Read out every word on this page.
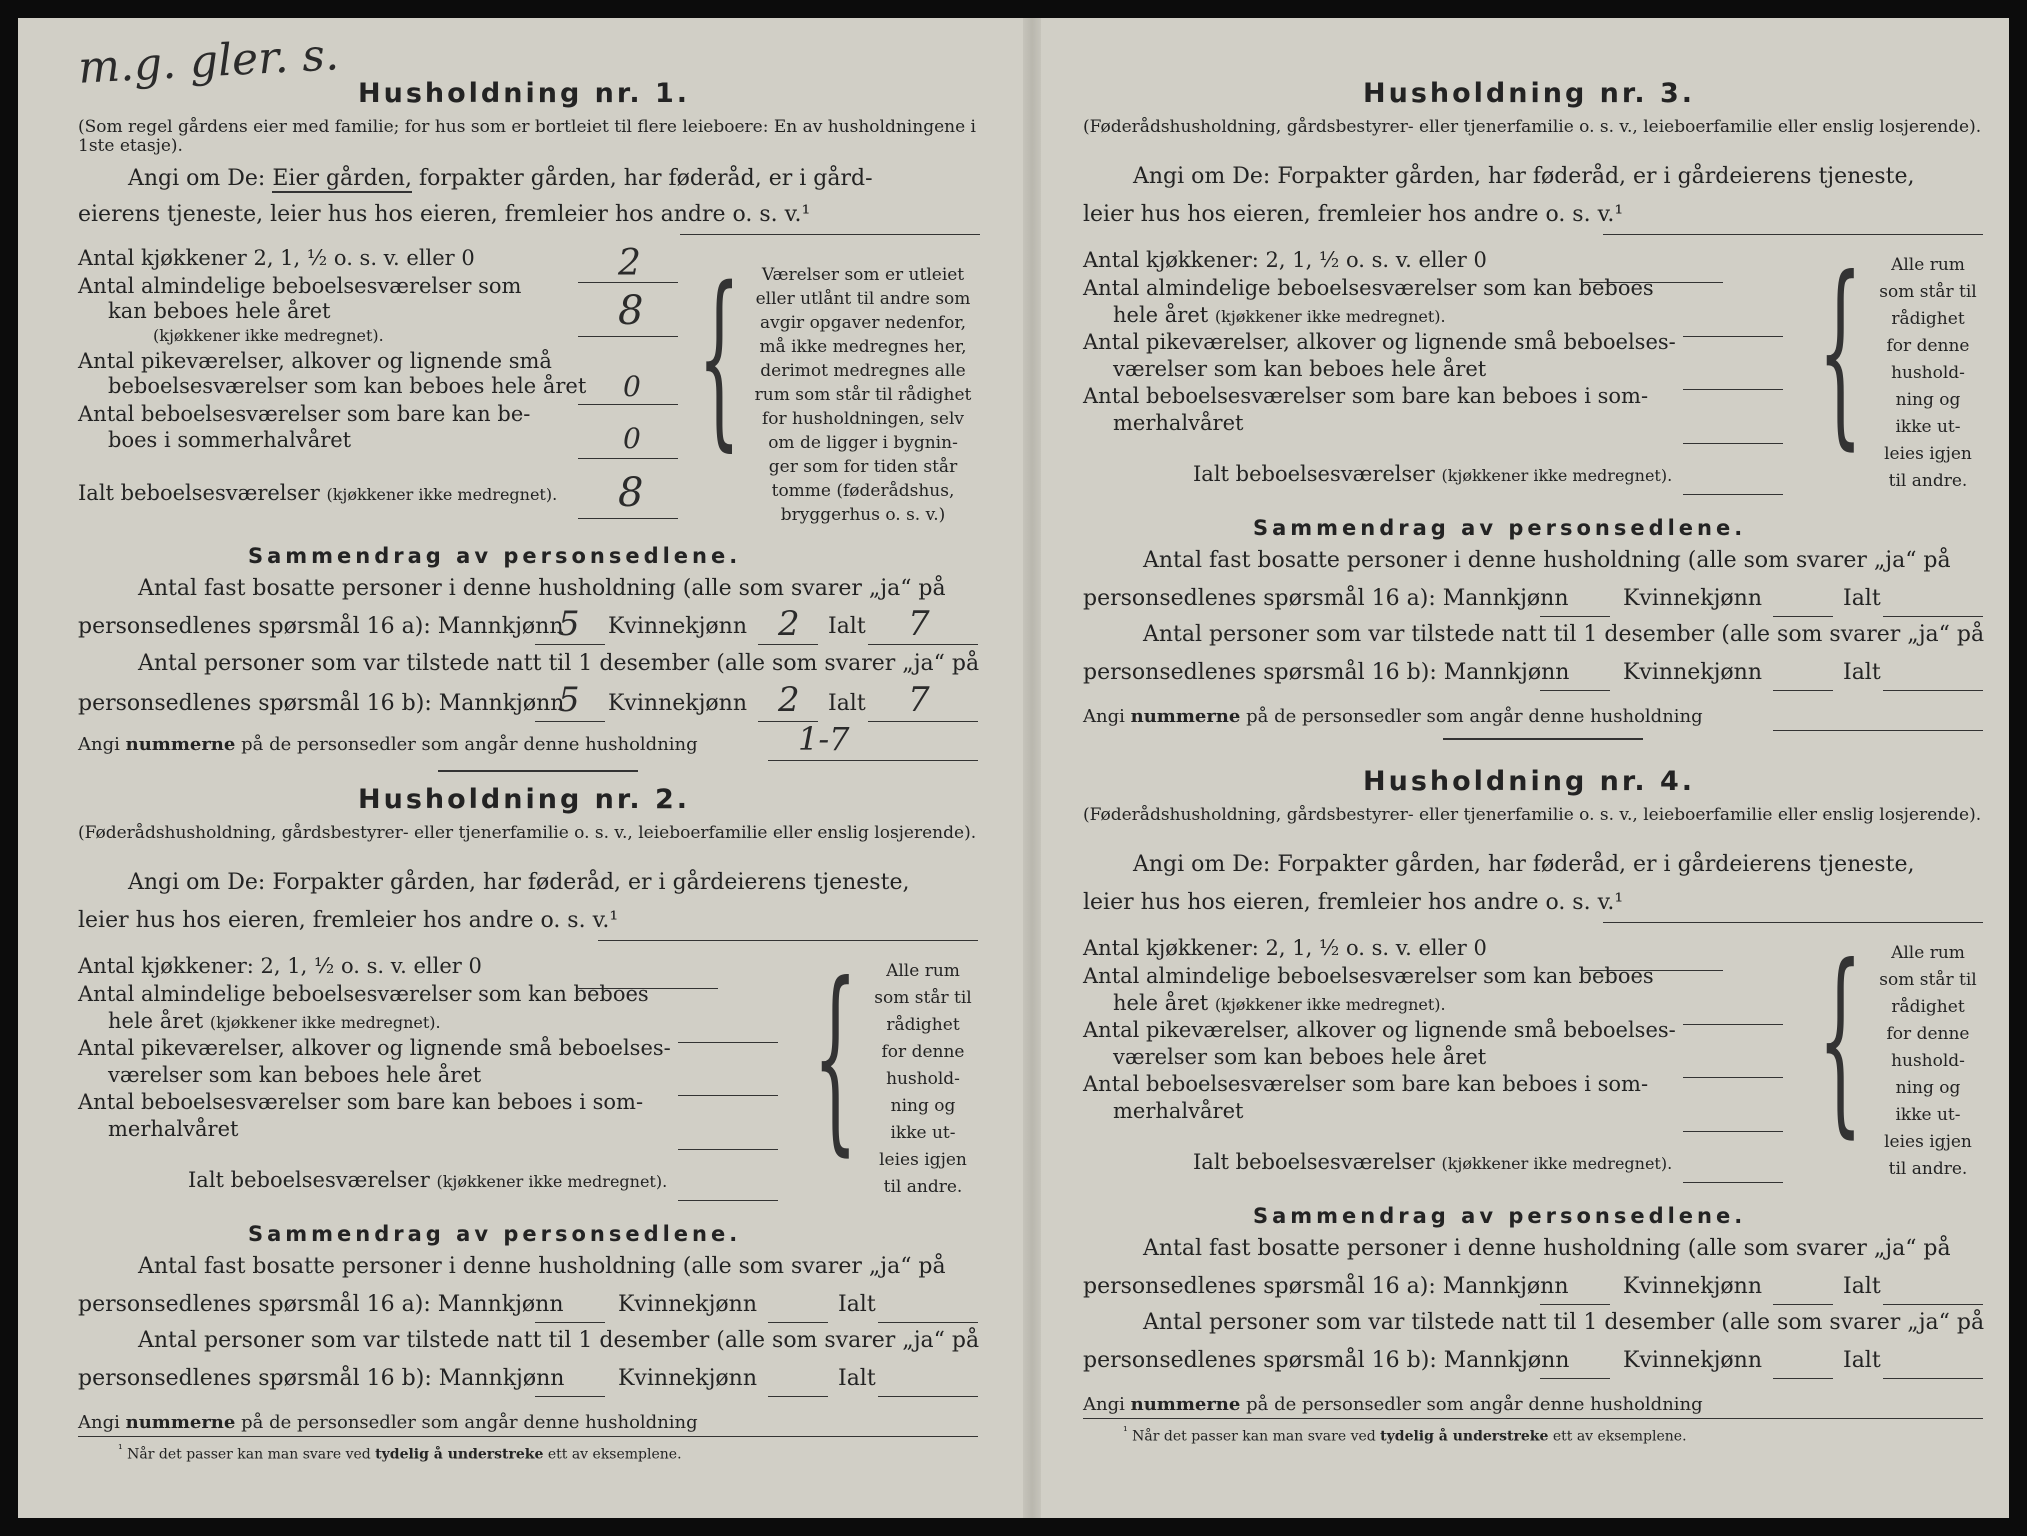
m.g. gler. s. Husholdning nr. 1.
(Som regel gårdens eier med familie; for hus som er bortleiet til flere leieboere: En av husholdningene i 1ste etasje).
Angi om De: Eier gården, forpakter gården, har føderåd, er i gård-
eierens tjeneste, leier hus hos eieren, fremleier hos andre o. s. v.¹
Antal kjøkkener 2, 1, ½ o. s. v. eller 0	2
Antal almindelige beboelsesværelser som
kan beboes hele året	8
(kjøkkener ikke medregnet).
Antal pikeværelser, alkover og lignende små
beboelsesværelser som kan beboes hele året 0
Antal beboelsesværelser som bare kan be-
boes i sommerhalvåret	0
Ialt beboelsesværelser (kjøkkener ikke medregnet). 8
{	Værelser som er utleiet
eller utlånt til andre som
avgir opgaver nedenfor,
må ikke medregnes her,
derimot medregnes alle
rum som står til rådighet
for husholdningen, selv
om de ligger i bygnin-
ger som for tiden står
tomme (føderådshus,
bryggerhus o. s. v.)
Sammendrag av personsedlene.
Antal fast bosatte personer i denne husholdning (alle som svarer „ja“ på
personsedlenes spørsmål 16 a): Mannkjønn
5 Kvinnekjønn 2 Ialt 7
Antal personer som var tilstede natt til 1 desember (alle som svarer „ja“ på
personsedlenes spørsmål 16 b): Mannkjønn
5 Kvinnekjønn 2 Ialt 7
Angi nummerne på de personsedler som angår denne husholdning	1-7
Husholdning nr. 2.
(Føderådshusholdning, gårdsbestyrer- eller tjenerfamilie o. s. v., leieboerfamilie eller enslig losjerende).
Angi om De: Forpakter gården, har føderåd, er i gårdeierens tjeneste,
leier hus hos eieren, fremleier hos andre o. s. v.¹
Antal kjøkkener: 2, 1, ½ o. s. v. eller 0
Antal almindelige beboelsesværelser som kan beboes
hele året (kjøkkener ikke medregnet).
Antal pikeværelser, alkover og lignende små beboelses-
værelser som kan beboes hele året
Antal beboelsesværelser som bare kan beboes i som-
merhalvåret
Ialt beboelsesværelser (kjøkkener ikke medregnet).
{	Alle rum
som står til
rådighet
for denne
hushold-
ning og
ikke ut-
leies igjen
til andre.
Sammendrag av personsedlene.
Antal fast bosatte personer i denne husholdning (alle som svarer „ja“ på
personsedlenes spørsmål 16 a): Mannkjønn Kvinnekjønn	Ialt
Antal personer som var tilstede natt til 1 desember (alle som svarer „ja“ på
personsedlenes spørsmål 16 b): Mannkjønn Kvinnekjønn	Ialt
Angi nummerne på de personsedler som angår denne husholdning
$^{^1}$ Når det passer kan man svare ved tydelig å understreke ett av eksemplene.
Husholdning nr. 3.
(Føderådshusholdning, gårdsbestyrer- eller tjenerfamilie o. s. v., leieboerfamilie eller enslig losjerende).
Angi om De: Forpakter gården, har føderåd, er i gårdeierens tjeneste,
leier hus hos eieren, fremleier hos andre o. s. v.¹
Antal kjøkkener: 2, 1, ½ o. s. v. eller 0
Antal almindelige beboelsesværelser som kan beboes
hele året (kjøkkener ikke medregnet).
Antal pikeværelser, alkover og lignende små beboelses-
værelser som kan beboes hele året
Antal beboelsesværelser som bare kan beboes i som-
merhalvåret
Ialt beboelsesværelser (kjøkkener ikke medregnet).
{	Alle rum
som står til
rådighet
for denne
hushold-
ning og
ikke ut-
leies igjen
til andre.
Sammendrag av personsedlene.
Antal fast bosatte personer i denne husholdning (alle som svarer „ja“ på
personsedlenes spørsmål 16 a): Mannkjønn Kvinnekjønn	Ialt
Antal personer som var tilstede natt til 1 desember (alle som svarer „ja“ på
personsedlenes spørsmål 16 b): Mannkjønn Kvinnekjønn	Ialt
Angi nummerne på de personsedler som angår denne husholdning
Husholdning nr. 4.
(Føderådshusholdning, gårdsbestyrer- eller tjenerfamilie o. s. v., leieboerfamilie eller enslig losjerende).
Angi om De: Forpakter gården, har føderåd, er i gårdeierens tjeneste,
leier hus hos eieren, fremleier hos andre o. s. v.¹
Antal kjøkkener: 2, 1, ½ o. s. v. eller 0
Antal almindelige beboelsesværelser som kan beboes
hele året (kjøkkener ikke medregnet).
Antal pikeværelser, alkover og lignende små beboelses-
værelser som kan beboes hele året
Antal beboelsesværelser som bare kan beboes i som-
merhalvåret
Ialt beboelsesværelser (kjøkkener ikke medregnet).
{	Alle rum
som står til
rådighet
for denne
hushold-
ning og
ikke ut-
leies igjen
til andre.
Sammendrag av personsedlene.
Antal fast bosatte personer i denne husholdning (alle som svarer „ja“ på
personsedlenes spørsmål 16 a): Mannkjønn Kvinnekjønn	Ialt
Antal personer som var tilstede natt til 1 desember (alle som svarer „ja“ på
personsedlenes spørsmål 16 b): Mannkjønn Kvinnekjønn	Ialt
Angi nummerne på de personsedler som angår denne husholdning
$^{^1}$ Når det passer kan man svare ved tydelig å understreke ett av eksemplene.
